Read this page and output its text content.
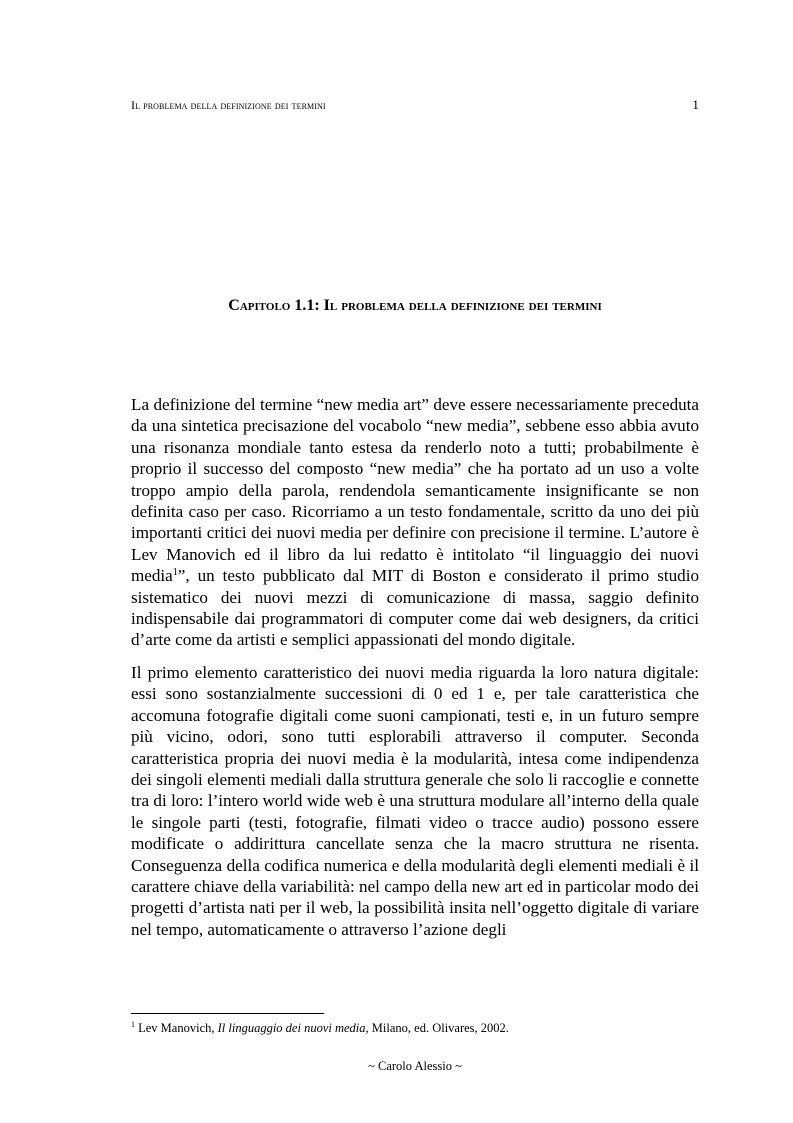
Il problema della definizione dei termini	1
Capitolo 1.1: Il problema della definizione dei termini

La definizione del termine “new media art” deve essere necessariamente preceduta da una sintetica precisazione del vocabolo “new media”, sebbene esso abbia avuto una risonanza mondiale tanto estesa da renderlo noto a tutti; probabilmente è proprio il successo del composto “new media” che ha portato ad un uso a volte troppo ampio della parola, rendendola semanticamente insignificante se non definita caso per caso. Ricorriamo a un testo fondamentale, scritto da uno dei più importanti critici dei nuovi media per definire con precisione il termine. L’autore è Lev Manovich ed il libro da lui redatto è intitolato “il linguaggio dei nuovi media$^1$”, un testo pubblicato dal MIT di Boston e considerato il primo studio sistematico dei nuovi mezzi di comunicazione di massa, saggio definito indispensabile dai programmatori di computer come dai web designers, da critici d’arte come da artisti e semplici appassionati del mondo digitale.

Il primo elemento caratteristico dei nuovi media riguarda la loro natura digitale: essi sono sostanzialmente successioni di 0 ed 1 e, per tale caratteristica che accomuna fotografie digitali come suoni campionati, testi e, in un futuro sempre più vicino, odori, sono tutti esplorabili attraverso il computer. Seconda caratteristica propria dei nuovi media è la modularità, intesa come indipendenza dei singoli elementi mediali dalla struttura generale che solo li raccoglie e connette tra di loro: l’intero world wide web è una struttura modulare all’interno della quale le singole parti (testi, fotografie, filmati video o tracce audio) possono essere modificate o addirittura cancellate senza che la macro struttura ne risenta. Conseguenza della codifica numerica e della modularità degli elementi mediali è il carattere chiave della variabilità: nel campo della new art ed in particolar modo dei progetti d’artista nati per il web, la possibilità insita nell’oggetto digitale di variare nel tempo, automaticamente o attraverso l’azione degli

$^1$ Lev Manovich, Il linguaggio dei nuovi media, Milano, ed. Olivares, 2002.
~ Carolo Alessio ~
